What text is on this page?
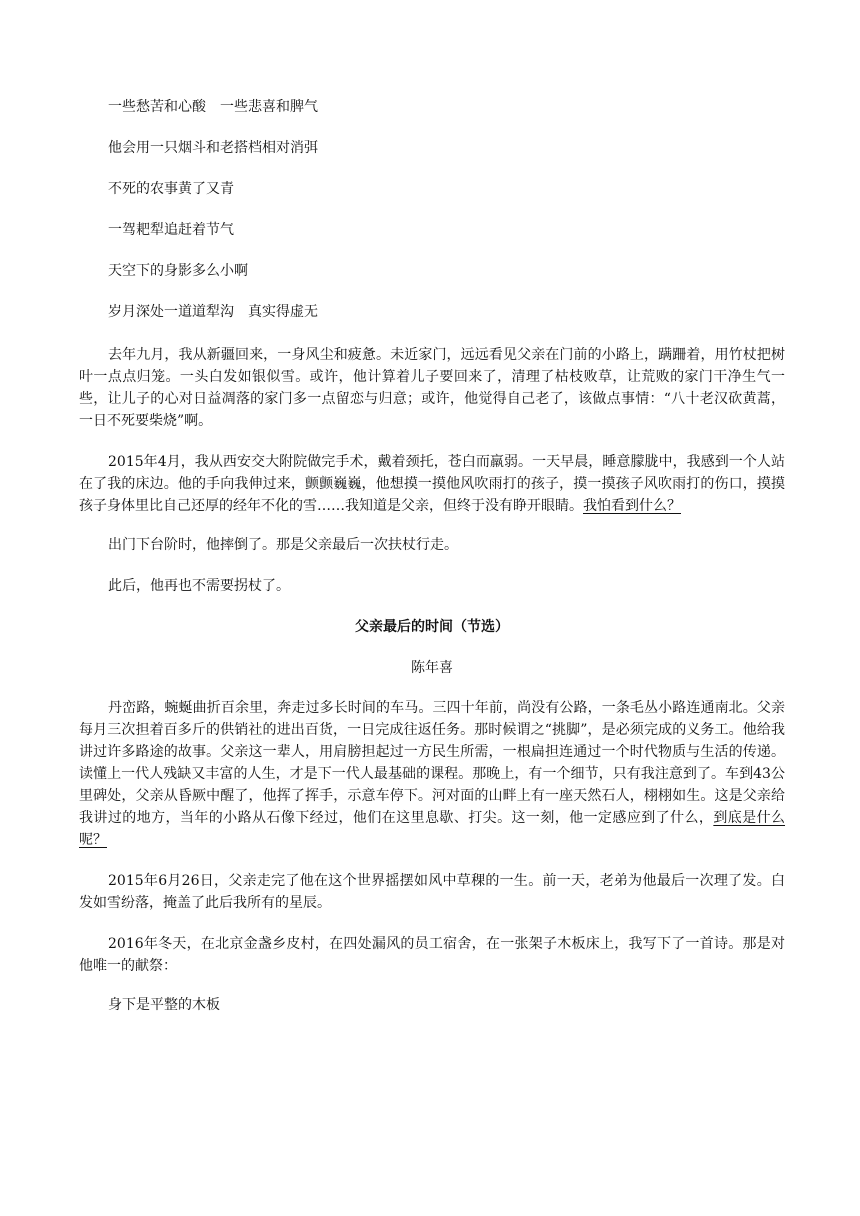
一些愁苦和心酸　一些悲喜和脾气
他会用一只烟斗和老搭档相对消弭
不死的农事黄了又青
一驾耙犁追赶着节气
天空下的身影多么小啊
岁月深处一道道犁沟　真实得虚无

去年九月，我从新疆回来，一身风尘和疲惫。未近家门，远远看见父亲在门前的小路上，蹒跚着，用竹杖把树叶一点点归笼。一头白发如银似雪。或许，他计算着儿子要回来了，清理了枯枝败草，让荒败的家门干净生气一些，让儿子的心对日益凋落的家门多一点留恋与归意；或许，他觉得自己老了，该做点事情：“八十老汉砍黄蒿，一日不死要柴烧”啊。

2015年4月，我从西安交大附院做完手术，戴着颈托，苍白而羸弱。一天早晨，睡意朦胧中，我感到一个人站在了我的床边。他的手向我伸过来，颤颤巍巍，他想摸一摸他风吹雨打的孩子，摸一摸孩子风吹雨打的伤口，摸摸孩子身体里比自己还厚的经年不化的雪……我知道是父亲，但终于没有睁开眼睛。我怕看到什么？

出门下台阶时，他摔倒了。那是父亲最后一次扶杖行走。
此后，他再也不需要拐杖了。
父亲最后的时间（节选）
陈年喜

丹峦路，蜿蜒曲折百余里，奔走过多长时间的车马。三四十年前，尚没有公路，一条毛丛小路连通南北。父亲每月三次担着百多斤的供销社的进出百货，一日完成往返任务。那时候谓之“挑脚”，是必须完成的义务工。他给我讲过许多路途的故事。父亲这一辈人，用肩膀担起过一方民生所需，一根扁担连通过一个时代物质与生活的传递。读懂上一代人残缺又丰富的人生，才是下一代人最基础的课程。那晚上，有一个细节，只有我注意到了。车到43公里碑处，父亲从昏厥中醒了，他挥了挥手，示意车停下。河对面的山畔上有一座天然石人，栩栩如生。这是父亲给我讲过的地方，当年的小路从石像下经过，他们在这里息歇、打尖。这一刻，他一定感应到了什么，到底是什么呢？

2015年6月26日，父亲走完了他在这个世界摇摆如风中草稞的一生。前一天，老弟为他最后一次理了发。白发如雪纷落，掩盖了此后我所有的星辰。

2016年冬天，在北京金盏乡皮村，在四处漏风的员工宿舍，在一张架子木板床上，我写下了一首诗。那是对他唯一的献祭：

身下是平整的木板
